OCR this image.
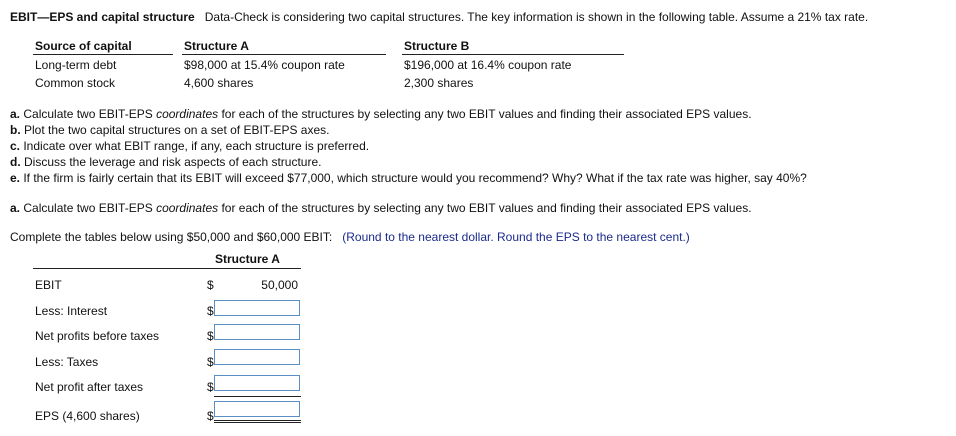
EBIT—EPS and capital structure Data-Check is considering two capital structures. The key information is shown in the following table. Assume a 21% tax rate.
Source of capital	Structure A	Structure B
Long-term debt	$98,000 at 15.4% coupon rate	$196,000 at 16.4% coupon rate
Common stock	4,600 shares	2,300 shares
a. Calculate two EBIT-EPS coordinates for each of the structures by selecting any two EBIT values and finding their associated EPS values.
b. Plot the two capital structures on a set of EBIT-EPS axes.
c. Indicate over what EBIT range, if any, each structure is preferred.
d. Discuss the leverage and risk aspects of each structure.
e. If the firm is fairly certain that its EBIT will exceed $77,000, which structure would you recommend? Why? What if the tax rate was higher, say 40%?
a. Calculate two EBIT-EPS coordinates for each of the structures by selecting any two EBIT values and finding their associated EPS values.
Complete the tables below using $50,000 and $60,000 EBIT: (Round to the nearest dollar. Round the EPS to the nearest cent.)
Structure A
EBIT	$	50,000
Less: Interest	$
Net profits before taxes	$
Less: Taxes	$
Net profit after taxes	$
EPS (4,600 shares)	$
